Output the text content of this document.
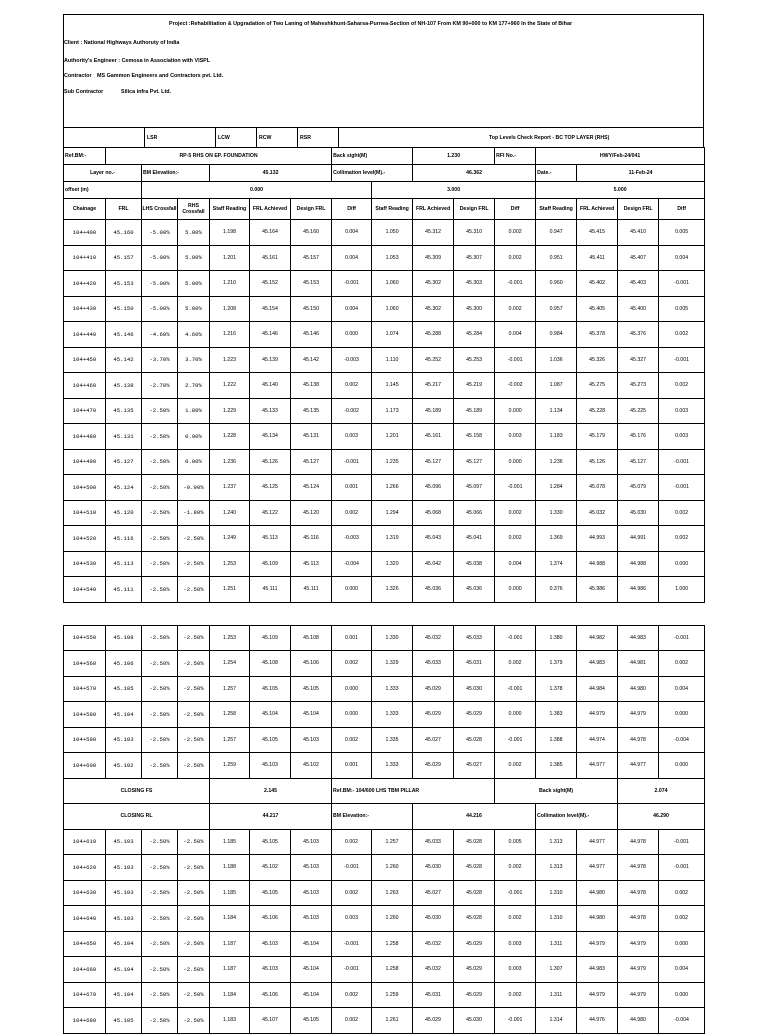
Project :Rehabilitation & Upgradation of Two Laning of Maheshkhunt-Saharsa-Purnea-Section of NH-107 From KM 90+000 to KM 177+960 In the State of Bihar
Client : National Highways Authoruty of India
Authority's Engineer : Cemosa in Association with VISPL
Contractor MS Gammon Engineers and Contractors pvt. Ltd.
Sub Contractor	Silica infra Pvt. Ltd.
LSR	LCW	RCW	RSR	Top Levels Check Report - BC TOP LAYER (RHS)
Ref.BM:-	RP-5 RHS ON EP. FOUNDATION						Back sight(M)		1.230		RFI No.-	HWY/Feb-24/041			
Layer no.-		BM Elevation:-		45.132			Collimation level(M).-		46.362			Date.-	11-Feb-24		
offset (m)		0.000						3.000				5.000			
Chainage	FRL	LHS Crossfall	RHS Crossfall	Staff Reading	FRL Achieved	Design FRL	Diff	Staff Reading	FRL Achieved	Design FRL	Diff	Staff Reading	FRL Achieved	Design FRL	Diff
104+400	45.160	-5.00%	5.00%	1.198	45.164	45.160	0.004	1.050	45.312	45.310	0.002	0.947	45.415	45.410	0.005
104+410	45.157	-5.00%	5.00%	1.201	45.161	45.157	0.004	1.053	45.309	45.307	0.002	0.951	45.411	45.407	0.004
104+420	45.153	-5.00%	5.00%	1.210	45.152	45.153	-0.001	1.060	45.302	45.303	-0.001	0.960	45.402	45.403	-0.001
104+430	45.150	-5.00%	5.00%	1.208	45.154	45.150	0.004	1.060	45.302	45.300	0.002	0.957	45.405	45.400	0.005
104+440	45.146	-4.60%	4.60%	1.216	45.146	45.146	0.000	1.074	45.288	45.284	0.004	0.984	45.378	45.376	0.002
104+450	45.142	-3.70%	3.70%	1.223	45.139	45.142	-0.003	1.110	45.252	45.253	-0.001	1.036	45.326	45.327	-0.001
104+460	45.138	-2.70%	2.70%	1.222	45.140	45.138	0.002	1.145	45.217	45.219	-0.002	1.087	45.275	45.273	0.002
104+470	45.135	-2.50%	1.80%	1.229	45.133	45.135	-0.002	1.173	45.189	45.189	0.000	1.134	45.228	45.225	0.003
104+480	45.131	-2.50%	0.90%	1.228	45.134	45.131	0.003	1.201	45.161	45.158	0.003	1.183	45.179	45.176	0.003
104+490	45.127	-2.50%	0.00%	1.236	45.126	45.127	-0.001	1.235	45.127	45.127	0.000	1.236	45.126	45.127	-0.001
104+500	45.124	-2.50%	-0.90%	1.237	45.125	45.124	0.001	1.266	45.096	45.097	-0.001	1.284	45.078	45.079	-0.001
104+510	45.120	-2.50%	-1.80%	1.240	45.122	45.120	0.002	1.294	45.068	45.066	0.002	1.330	45.032	45.030	0.002
104+520	45.116	-2.50%	-2.50%	1.249	45.113	45.116	-0.003	1.319	45.043	45.041	0.002	1.369	44.993	44.991	0.002
104+530	45.113	-2.50%	-2.50%	1.253	45.109	45.113	-0.004	1.320	45.042	45.038	0.004	1.374	44.988	44.988	0.000
104+540	45.111	-2.50%	-2.50%	1.251	45.111	45.111	0.000	1.326	45.036	45.036	0.000	0.376	45.986	44.986	1.000
104+550	45.108	-2.50%	-2.50%	1.253	45.109	45.108	0.001	1.330	45.032	45.033	-0.001	1.380	44.982	44.983	-0.001
104+560	45.106	-2.50%	-2.50%	1.254	45.108	45.106	0.002	1.329	45.033	45.031	0.002	1.379	44.983	44.981	0.002
104+570	45.105	-2.50%	-2.50%	1.257	45.105	45.105	0.000	1.333	45.029	45.030	-0.001	1.378	44.984	44.980	0.004
104+580	45.104	-2.50%	-2.50%	1.258	45.104	45.104	0.000	1.333	45.029	45.029	0.000	1.383	44.979	44.979	0.000
104+590	45.103	-2.50%	-2.50%	1.257	45.105	45.103	0.002	1.335	45.027	45.028	-0.001	1.388	44.974	44.978	-0.004
104+600	45.102	-2.50%	-2.50%	1.259	45.103	45.102	0.001	1.333	45.029	45.027	0.002	1.385	44.977	44.977	0.000
CLOSING FS				2.145			Ref.BM:- 104/600 LHS TBM PILLAR				Back sight(M)			2.074	
CLOSING RL				44.217			BM Elevation:-		44.216			Collimation level(M).-		46.290	
104+610	45.103	-2.50%	-2.50%	1.185	45.105	45.103	0.002	1.257	45.033	45.028	0.005	1.313	44.977	44.978	-0.001
104+620	45.103	-2.50%	-2.50%	1.188	45.102	45.103	-0.001	1.260	45.030	45.028	0.002	1.313	44.977	44.978	-0.001
104+630	45.103	-2.50%	-2.50%	1.185	45.105	45.103	0.002	1.263	45.027	45.028	-0.001	1.310	44.980	44.978	0.002
104+640	45.103	-2.50%	-2.50%	1.184	45.106	45.103	0.003	1.260	45.030	45.028	0.002	1.310	44.980	44.978	0.002
104+650	45.104	-2.50%	-2.50%	1.187	45.103	45.104	-0.001	1.258	45.032	45.029	0.003	1.311	44.979	44.979	0.000
104+660	45.104	-2.50%	-2.50%	1.187	45.103	45.104	-0.001	1.258	45.032	45.029	0.003	1.307	44.983	44.979	0.004
104+670	45.104	-2.50%	-2.50%	1.184	45.106	45.104	0.002	1.259	45.031	45.029	0.002	1.311	44.979	44.979	0.000
104+680	45.105	-2.50%	-2.50%	1.183	45.107	45.105	0.002	1.261	45.029	45.030	-0.001	1.314	44.976	44.980	-0.004
